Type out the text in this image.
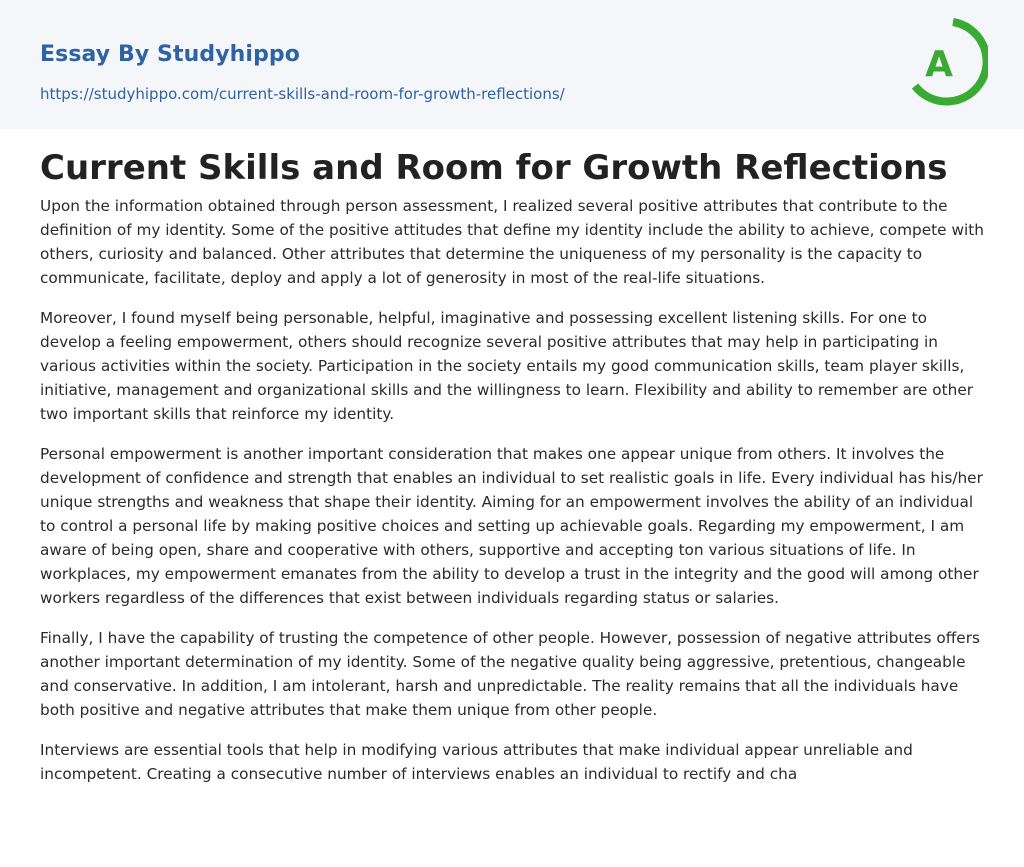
Essay By Studyhippo
https://studyhippo.com/current-skills-and-room-for-growth-reflections/
A
Current Skills and Room for Growth Reflections

Upon the information obtained through person assessment, I realized several positive attributes that contribute to the definition of my identity. Some of the positive attitudes that define my identity include the ability to achieve, compete with others, curiosity and balanced. Other attributes that determine the uniqueness of my personality is the capacity to communicate, facilitate, deploy and apply a lot of generosity in most of the real-life situations.

Moreover, I found myself being personable, helpful, imaginative and possessing excellent listening skills. For one to develop a feeling empowerment, others should recognize several positive attributes that may help in participating in various activities within the society. Participation in the society entails my good communication skills, team player skills, initiative, management and organizational skills and the willingness to learn. Flexibility and ability to remember are other two important skills that reinforce my identity.

Personal empowerment is another important consideration that makes one appear unique from others. It involves the development of confidence and strength that enables an individual to set realistic goals in life. Every individual has his/her unique strengths and weakness that shape their identity. Aiming for an empowerment involves the ability of an individual to control a personal life by making positive choices and setting up achievable goals. Regarding my empowerment, I am aware of being open, share and cooperative with others, supportive and accepting ton various situations of life. In workplaces, my empowerment emanates from the ability to develop a trust in the integrity and the good will among other workers regardless of the differences that exist between individuals regarding status or salaries.

Finally, I have the capability of trusting the competence of other people. However, possession of negative attributes offers another important determination of my identity. Some of the negative quality being aggressive, pretentious, changeable and conservative. In addition, I am intolerant, harsh and unpredictable. The reality remains that all the individuals have both positive and negative attributes that make them unique from other people.

Interviews are essential tools that help in modifying various attributes that make individual appear unreliable and incompetent. Creating a consecutive number of interviews enables an individual to rectify and cha
